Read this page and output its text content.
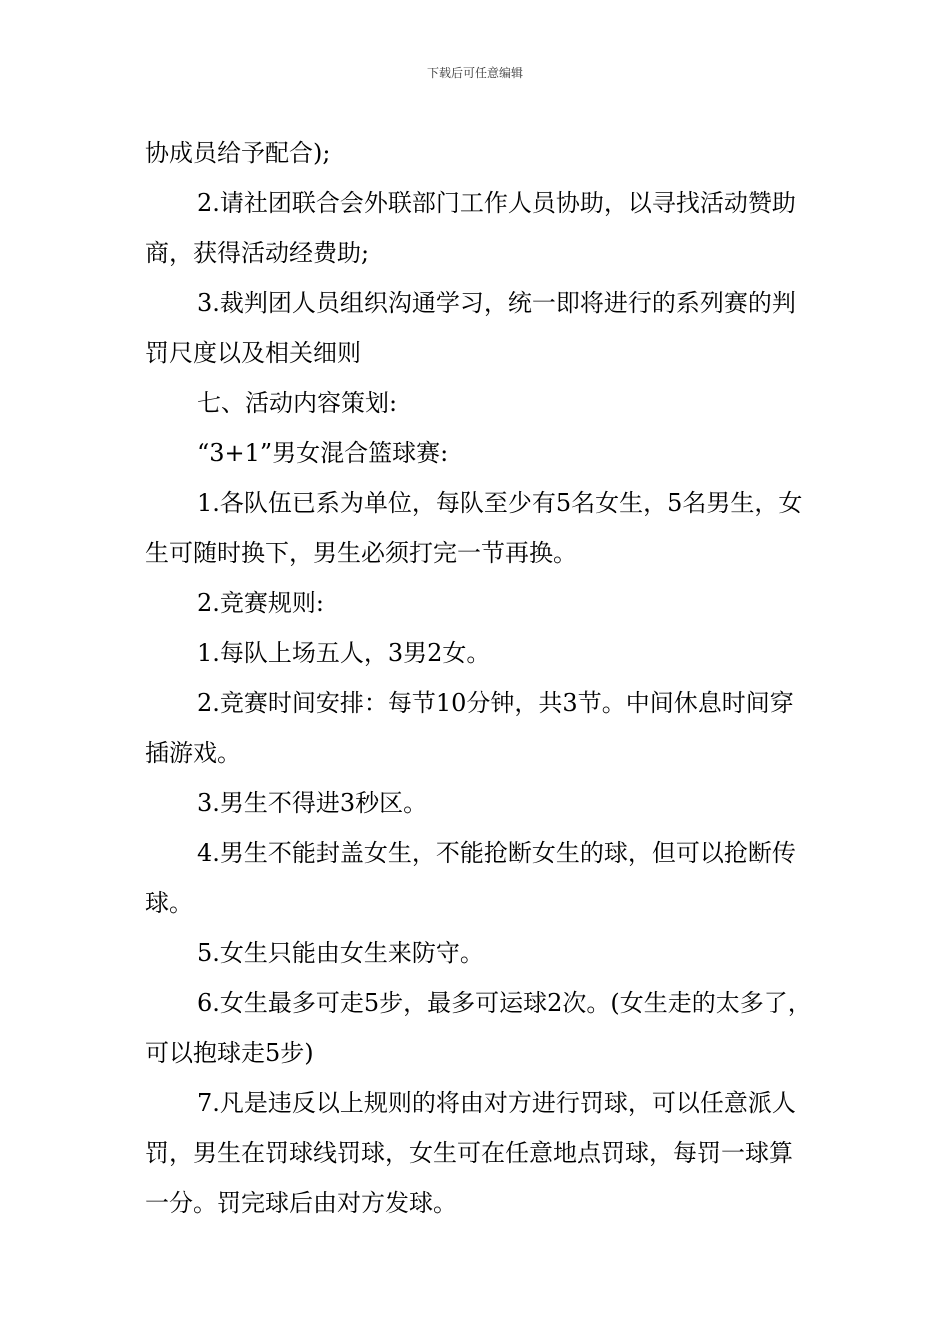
下载后可任意编辑

协成员给予配合);

2.请社团联合会外联部门工作人员协助，以寻找活动赞助商，获得活动经费助;

3.裁判团人员组织沟通学习，统一即将进行的系列赛的判罚尺度以及相关细则

七、活动内容策划:

“3+1”男女混合篮球赛:

1.各队伍已系为单位，每队至少有5名女生，5名男生，女生可随时换下，男生必须打完一节再换。

2.竞赛规则:

1.每队上场五人，3男2女。

2.竞赛时间安排：每节10分钟，共3节。中间休息时间穿插游戏。

3.男生不得进3秒区。

4.男生不能封盖女生，不能抢断女生的球，但可以抢断传球。

5.女生只能由女生来防守。

6.女生最多可走5步，最多可运球2次。(女生走的太多了，可以抱球走5步)

7.凡是违反以上规则的将由对方进行罚球，可以任意派人罚，男生在罚球线罚球，女生可在任意地点罚球，每罚一球算一分。罚完球后由对方发球。
